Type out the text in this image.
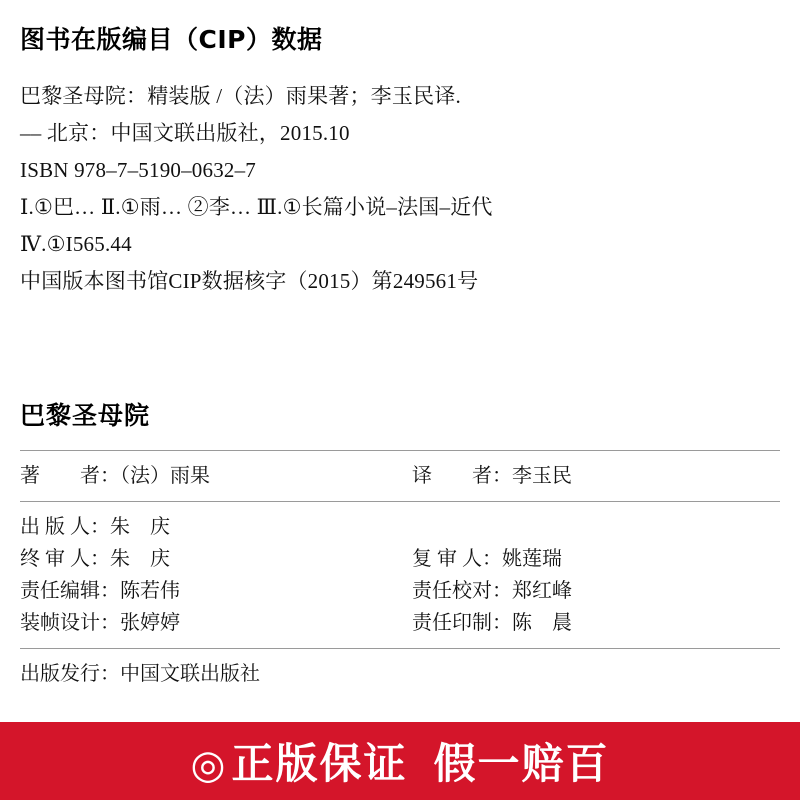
图书在版编目（CIP）数据
巴黎圣母院：精装版 /（法）雨果著；李玉民译.
–– 北京：中国文联出版社，2015.10
ISBN 978–7–5190–0632–7
Ⅰ.①巴… Ⅱ.①雨… ②李… Ⅲ.①长篇小说–法国–近代
Ⅳ.①I565.44
中国版本图书馆CIP数据核字（2015）第249561号
巴黎圣母院
著　　者：（法）雨果	译　　者：李玉民
出 版 人：朱　庆
终 审 人：朱　庆	复 审 人：姚莲瑞
责任编辑：陈若伟	责任校对：郑红峰
装帧设计：张婷婷	责任印制：陈　晨
出版发行：中国文联出版社
◎正版保证 假一赔百
